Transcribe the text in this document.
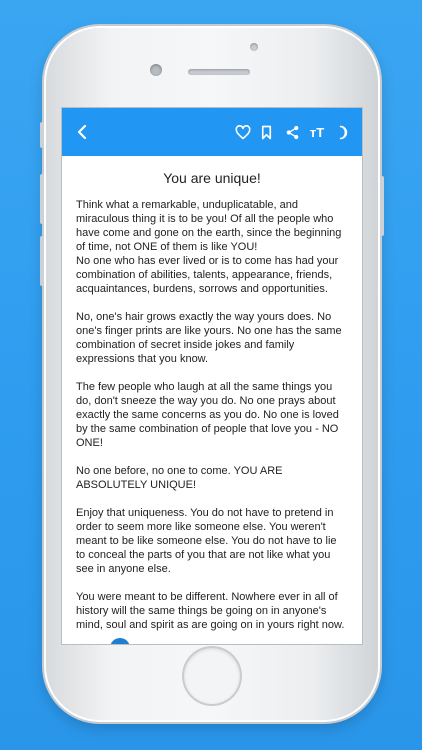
тT
You are unique!

Think what a remarkable, unduplicatable, and miraculous thing it is to be you! Of all the people who have come and gone on the earth, since the beginning of time, not ONE of them is like YOU!
No one who has ever lived or is to come has had your combination of abilities, talents, appearance, friends, acquaintances, burdens, sorrows and opportunities.

No, one's hair grows exactly the way yours does. No one's finger prints are like yours. No one has the same combination of secret inside jokes and family expressions that you know.

The few people who laugh at all the same things you do, don't sneeze the way you do. No one prays about exactly the same concerns as you do. No one is loved by the same combination of people that love you - NO ONE!

No one before, no one to come. YOU ARE ABSOLUTELY UNIQUE!

Enjoy that uniqueness. You do not have to pretend in order to seem more like someone else. You weren't meant to be like someone else. You do not have to lie to conceal the parts of you that are not like what you see in anyone else.

You were meant to be different. Nowhere ever in all of history will the same things be going on in anyone's mind, soul and spirit as are going on in yours right now.
